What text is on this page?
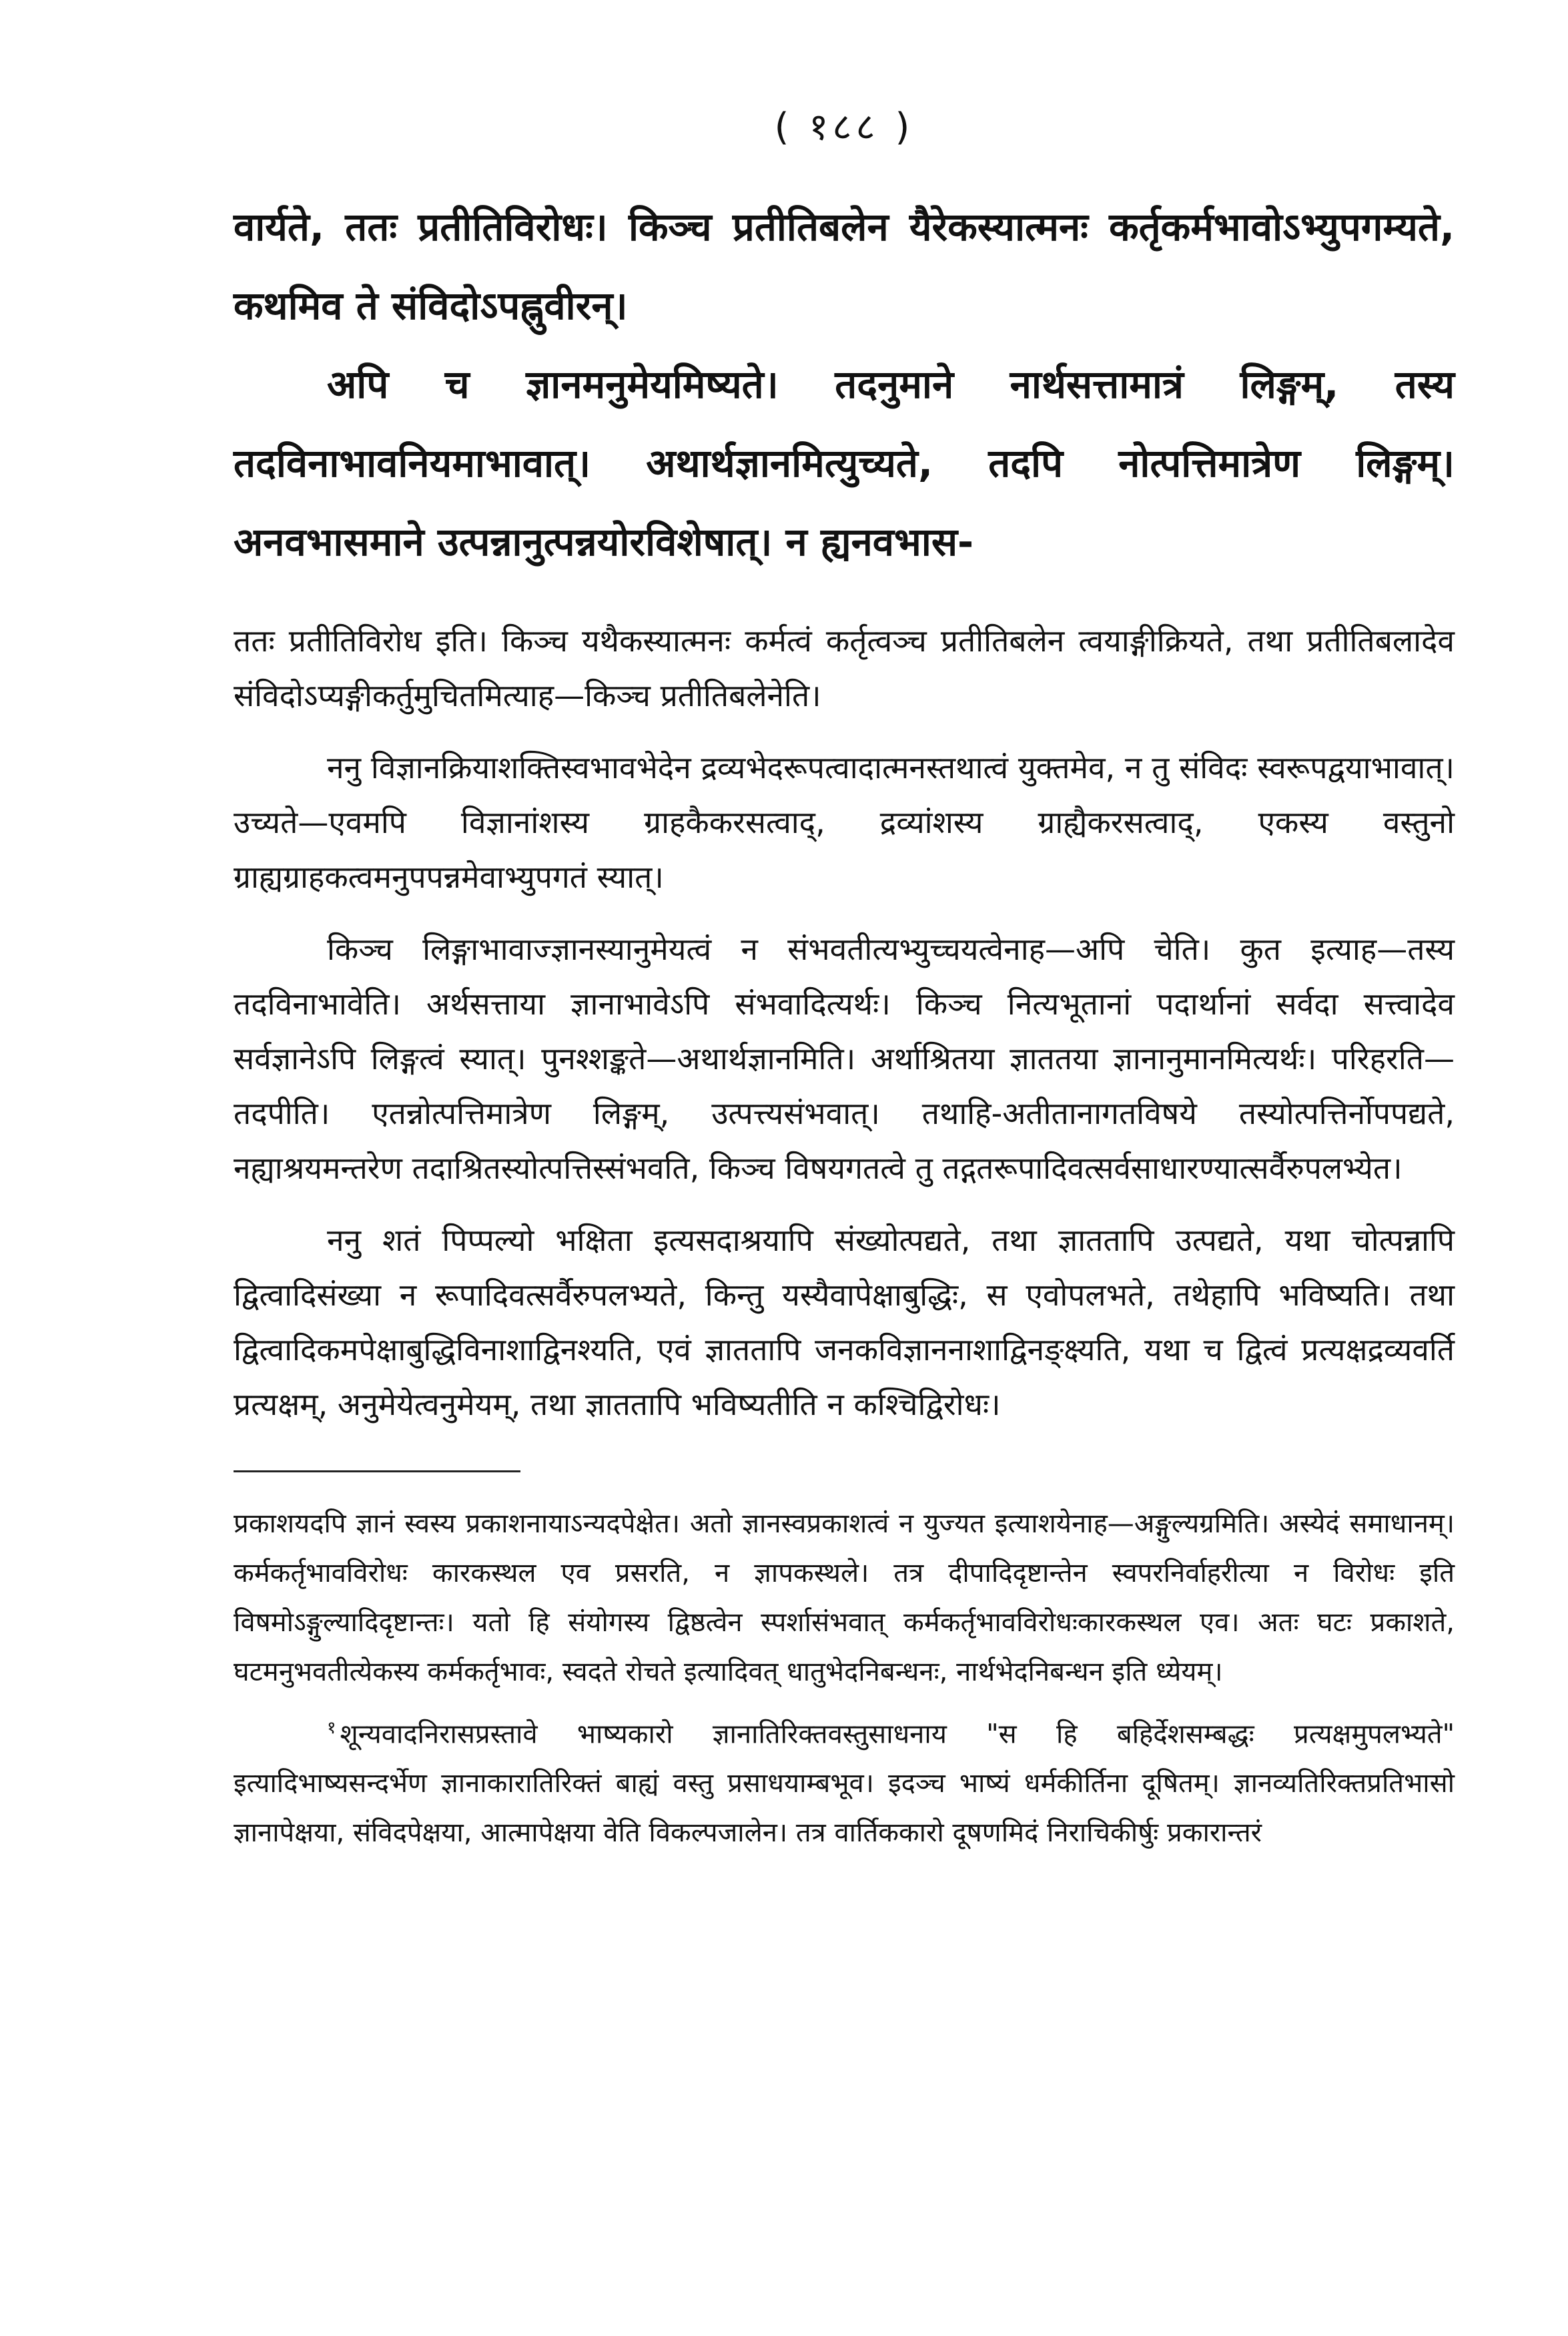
( १८८ )

वार्यते, ततः प्रतीतिविरोधः। किञ्च प्रतीतिबलेन यैरेकस्यात्मनः कर्तृकर्मभावोऽभ्युपगम्यते, कथमिव ते संविदोऽपह्नुवीरन्।

अपि च ज्ञानमनुमेयमिष्यते। तदनुमाने नार्थसत्तामात्रं लिङ्गम्, तस्य तदविनाभावनियमाभावात्। अथार्थज्ञानमित्युच्यते, तदपि नोत्पत्तिमात्रेण लिङ्गम्। अनवभासमाने उत्पन्नानुत्पन्नयोरविशेषात्। न ह्यनवभास-

ततः प्रतीतिविरोध इति। किञ्च यथैकस्यात्मनः कर्मत्वं कर्तृत्वञ्च प्रतीतिबलेन त्वयाङ्गीक्रियते, तथा प्रतीतिबलादेव संविदोऽप्यङ्गीकर्तुमुचितमित्याह—किञ्च प्रतीतिबलेनेति।

ननु विज्ञानक्रियाशक्तिस्वभावभेदेन द्रव्यभेदरूपत्वादात्मनस्तथात्वं युक्तमेव, न तु संविदः स्वरूपद्वयाभावात्। उच्यते—एवमपि विज्ञानांशस्य ग्राहकैकरसत्वाद्, द्रव्यांशस्य ग्राह्यैकरसत्वाद्, एकस्य वस्तुनो ग्राह्यग्राहकत्वमनुपपन्नमेवाभ्युपगतं स्यात्।

किञ्च लिङ्गाभावाज्ज्ञानस्यानुमेयत्वं न संभवतीत्यभ्युच्चयत्वेनाह—अपि चेति। कुत इत्याह—तस्य तदविनाभावेति। अर्थसत्ताया ज्ञानाभावेऽपि संभवादित्यर्थः। किञ्च नित्यभूतानां पदार्थानां सर्वदा सत्त्वादेव सर्वज्ञानेऽपि लिङ्गत्वं स्यात्। पुनश्शङ्कते—अथार्थज्ञानमिति। अर्थाश्रितया ज्ञाततया ज्ञानानुमानमित्यर्थः। परिहरति—तदपीति। एतन्नोत्पत्तिमात्रेण लिङ्गम्, उत्पत्त्यसंभवात्। तथाहि-अतीतानागतविषये तस्योत्पत्तिर्नोपपद्यते, नह्याश्रयमन्तरेण तदाश्रितस्योत्पत्तिस्संभवति, किञ्च विषयगतत्वे तु तद्गतरूपादिवत्सर्वसाधारण्यात्सर्वैरुपलभ्येत।

ननु शतं पिप्पल्यो भक्षिता इत्यसदाश्रयापि संख्योत्पद्यते, तथा ज्ञाततापि उत्पद्यते, यथा चोत्पन्नापि द्वित्वादिसंख्या न रूपादिवत्सर्वैरुपलभ्यते, किन्तु यस्यैवापेक्षाबुद्धिः, स एवोपलभते, तथेहापि भविष्यति। तथा द्वित्वादिकमपेक्षाबुद्धिविनाशाद्विनश्यति, एवं ज्ञाततापि जनकविज्ञाननाशाद्विनङ्क्ष्यति, यथा च द्वित्वं प्रत्यक्षद्रव्यवर्ति प्रत्यक्षम्, अनुमेयेत्वनुमेयम्, तथा ज्ञाततापि भविष्यतीति न कश्चिद्विरोधः।

प्रकाशयदपि ज्ञानं स्वस्य प्रकाशनायाऽन्यदपेक्षेत। अतो ज्ञानस्वप्रकाशत्वं न युज्यत इत्याशयेनाह—अङ्गुल्यग्रमिति। अस्येदं समाधानम्। कर्मकर्तृभावविरोधः कारकस्थल एव प्रसरति, न ज्ञापकस्थले। तत्र दीपादिदृष्टान्तेन स्वपरनिर्वाहरीत्या न विरोधः इति विषमोऽङ्गुल्यादिदृष्टान्तः। यतो हि संयोगस्य द्विष्ठत्वेन स्पर्शासंभवात् कर्मकर्तृभावविरोधःकारकस्थल एव। अतः घटः प्रकाशते, घटमनुभवतीत्येकस्य कर्मकर्तृभावः, स्वदते रोचते इत्यादिवत् धातुभेदनिबन्धनः, नार्थभेदनिबन्धन इति ध्येयम्।

$^१$ शून्यवादनिरासप्रस्तावे भाष्यकारो ज्ञानातिरिक्तवस्तुसाधनाय "स हि बहिर्देशसम्बद्धः प्रत्यक्षमुपलभ्यते" इत्यादिभाष्यसन्दर्भेण ज्ञानाकारातिरिक्तं बाह्यं वस्तु प्रसाधयाम्बभूव। इदञ्च भाष्यं धर्मकीर्तिना दूषितम्। ज्ञानव्यतिरिक्तप्रतिभासो ज्ञानापेक्षया, संविदपेक्षया, आत्मापेक्षया वेति विकल्पजालेन। तत्र वार्तिककारो दूषणमिदं निराचिकीर्षुः प्रकारान्तरं
